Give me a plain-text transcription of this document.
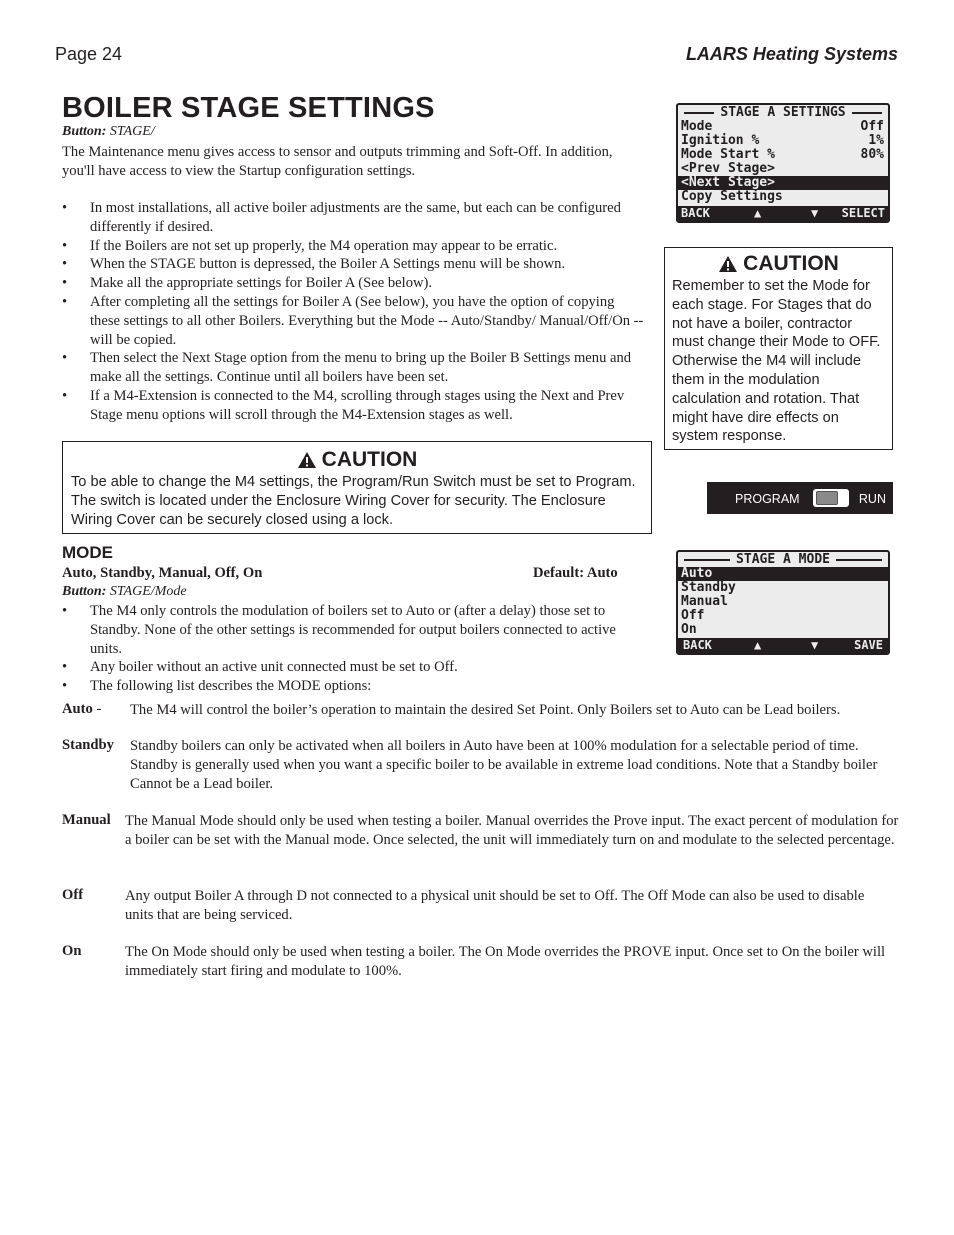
Page 24	LAARS Heating Systems
BOILER STAGE SETTINGS
Button: STAGE/
The Maintenance menu gives access to sensor and outputs trimming and Soft-Off. In addition, you'll have access to view the Startup configuration settings.
• In most installations, all active boiler adjustments are the same, but each can be configured differently if desired.
• If the Boilers are not set up properly, the M4 operation may appear to be erratic.
• When the STAGE button is depressed, the Boiler A Settings menu will be shown.
• Make all the appropriate settings for Boiler A (See below).
• After completing all the settings for Boiler A (See below), you have the option of copying these settings to all other Boilers. Everything but the Mode -- Auto/Standby/ Manual/Off/On -- will be copied.
• Then select the Next Stage option from the menu to bring up the Boiler B Settings menu and make all the settings. Continue until all boilers have been set.
• If a M4-Extension is connected to the M4, scrolling through stages using the Next and Prev Stage menu options will scroll through the M4-Extension stages as well.
CAUTION
To be able to change the M4 settings, the Program/Run Switch must be set to Program. The switch is located under the Enclosure Wiring Cover for security. The Enclosure Wiring Cover can be securely closed using a lock.
CAUTION
Remember to set the Mode for each stage. For Stages that do not have a boiler, contractor must change their Mode to OFF. Otherwise the M4 will include them in the modulation calculation and rotation. That might have dire effects on system response.
STAGE A SETTINGS
Mode	Off
Ignition %	1%
Mode Start %	80%
<Prev Stage>
<Next Stage>
Copy Settings
BACK	▲	▼ SELECT
PROGRAM	RUN
MODE
Auto, Standby, Manual, Off, On	Default: Auto
Button: STAGE/Mode
• The M4 only controls the modulation of boilers set to Auto or (after a delay) those set to Standby. None of the other settings is recommended for output boilers connected to active units.
• Any boiler without an active unit connected must be set to Off.
• The following list describes the MODE options:
STAGE A MODE
Auto
Standby
Manual
Off
On
BACK	▲	▼	SAVE
Auto - The M4 will control the boiler’s operation to maintain the desired Set Point. Only Boilers set to Auto can be Lead boilers.
Standby Standby boilers can only be activated when all boilers in Auto have been at 100% modulation for a selectable period of time. Standby is generally used when you want a specific boiler to be available in extreme load conditions. Note that a Standby boiler Cannot be a Lead boiler.
Manual The Manual Mode should only be used when testing a boiler. Manual overrides the Prove input. The exact percent of modulation for a boiler can be set with the Manual mode. Once selected, the unit will immediately turn on and modulate to the selected percentage.
Off	Any output Boiler A through D not connected to a physical unit should be set to Off. The Off Mode can also be used to disable units that are being serviced.
On	The On Mode should only be used when testing a boiler. The On Mode overrides the PROVE input. Once set to On the boiler will immediately start firing and modulate to 100%.
